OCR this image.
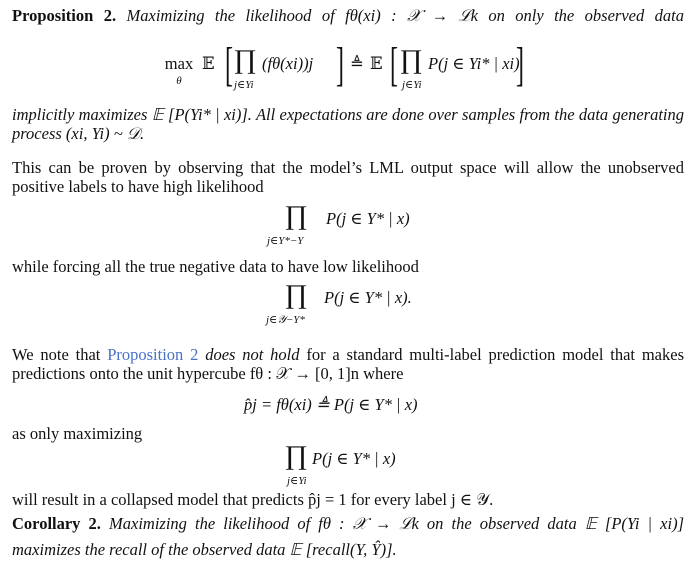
Proposition 2. Maximizing the likelihood of fθ(xi) : 𝒳 → ℒk on only the observed data

max
$^\theta$
𝔼 [ ∏
j∈Yi
(fθ(xi))j ] ≜ 𝔼 [ ∏
j∈Yi
P(j ∈ Yi* | xi)
]

implicitly maximizes 𝔼 [P(Yi* | xi)]. All expectations are done over samples from the data generating

process (xi, Yi) ~ 𝒟.

This can be proven by observing that the model’s LML output space will allow the unobserved

positive labels to have high likelihood

∏
j∈Y*−Y
P(j ∈ Y* | x)

while forcing all the true negative data to have low likelihood

∏
j∈𝒴−Y*
P(j ∈ Y* | x).

We note that Proposition 2 does not hold for a standard multi-label prediction model that makes

predictions onto the unit hypercube fθ : 𝒳 → [0, 1]n where

p̂j = fθ(xi) ≜ P(j ∈ Y* | x)

as only maximizing

∏
j∈Yi
P(j ∈ Y* | x)

will result in a collapsed model that predicts p̂j = 1 for every label j ∈ 𝒴.

Corollary 2. Maximizing the likelihood of fθ : 𝒳 → ℒk on the observed data 𝔼 [P(Yi | xi)]

maximizes the recall of the observed data 𝔼 [recall(Y, Ŷ)].
